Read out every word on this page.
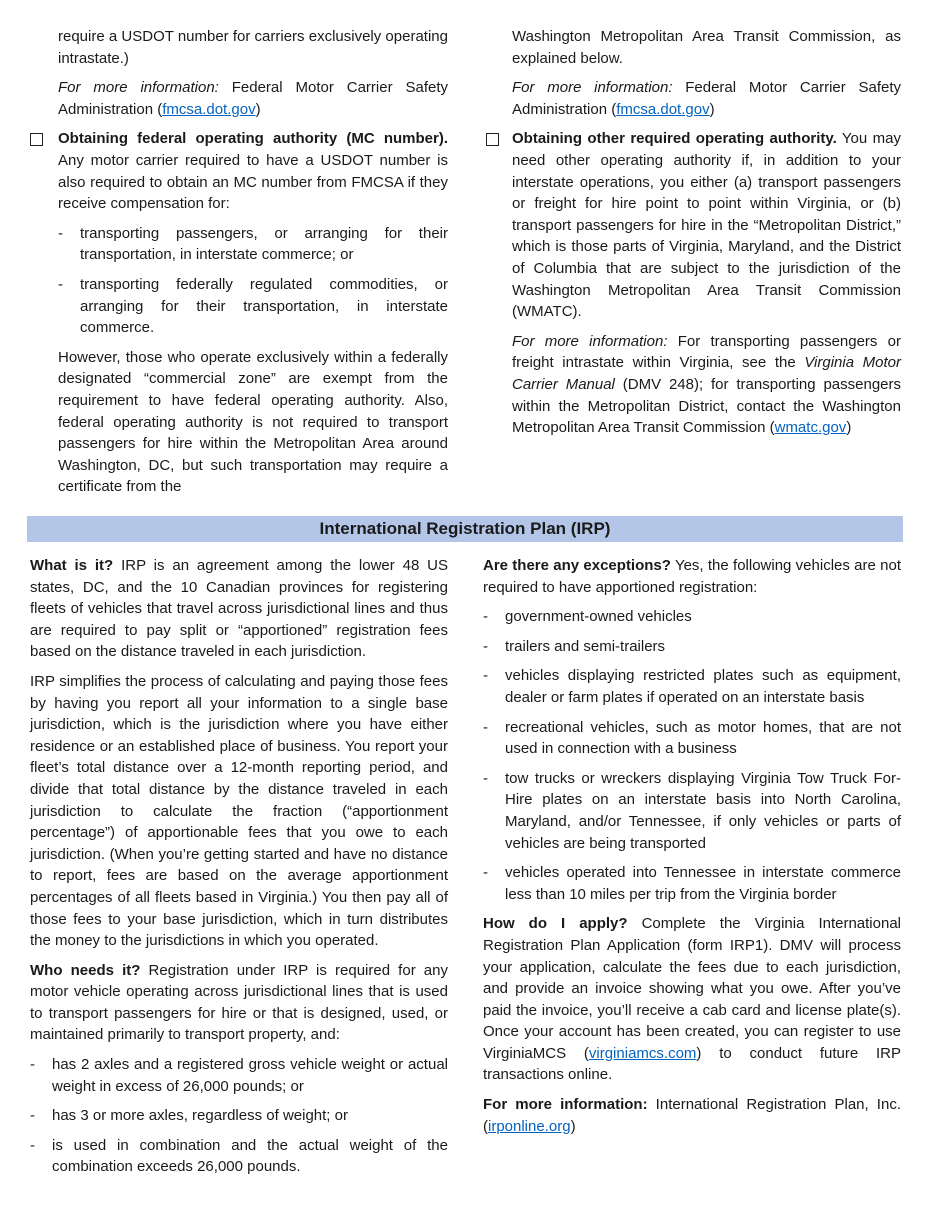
require a USDOT number for carriers exclusively operating intrastate.)

For more information: Federal Motor Carrier Safety Administration (fmcsa.dot.gov)

Obtaining federal operating authority (MC number). Any motor carrier required to have a USDOT number is also required to obtain an MC number from FMCSA if they receive compensation for:

-	transporting passengers, or arranging for their transportation, in interstate commerce; or
-	transporting federally regulated commodities, or arranging for their transportation, in interstate commerce.

However, those who operate exclusively within a federally designated “commercial zone” are exempt from the requirement to have federal operating authority. Also, federal operating authority is not required to transport passengers for hire within the Metropolitan Area around Washington, DC, but such transportation may require a certificate from the

Washington Metropolitan Area Transit Commission, as explained below.

For more information: Federal Motor Carrier Safety Administration (fmcsa.dot.gov)

Obtaining other required operating authority. You may need other operating authority if, in addition to your interstate operations, you either (a) transport passengers or freight for hire point to point within Virginia, or (b) transport passengers for hire in the “Metropolitan District,” which is those parts of Virginia, Maryland, and the District of Columbia that are subject to the jurisdiction of the Washington Metropolitan Area Transit Commission (WMATC).

For more information: For transporting passengers or freight intrastate within Virginia, see the Virginia Motor Carrier Manual (DMV 248); for transporting passengers within the Metropolitan District, contact the Washington Metropolitan Area Transit Commission (wmatc.gov)

International Registration Plan (IRP)

What is it? IRP is an agreement among the lower 48 US states, DC, and the 10 Canadian provinces for registering fleets of vehicles that travel across jurisdictional lines and thus are required to pay split or “apportioned” registration fees based on the distance traveled in each jurisdiction.

IRP simplifies the process of calculating and paying those fees by having you report all your information to a single base jurisdiction, which is the jurisdiction where you have either residence or an established place of business. You report your fleet’s total distance over a 12-month reporting period, and divide that total distance by the distance traveled in each jurisdiction to calculate the fraction (“apportionment percentage”) of apportionable fees that you owe to each jurisdiction. (When you’re getting started and have no distance to report, fees are based on the average apportionment percentages of all fleets based in Virginia.) You then pay all of those fees to your base jurisdiction, which in turn distributes the money to the jurisdictions in which you operated.

Who needs it? Registration under IRP is required for any motor vehicle operating across jurisdictional lines that is used to transport passengers for hire or that is designed, used, or maintained primarily to transport property, and:

-	has 2 axles and a registered gross vehicle weight or actual weight in excess of 26,000 pounds; or
-	has 3 or more axles, regardless of weight; or
-	is used in combination and the actual weight of the combination exceeds 26,000 pounds.

Are there any exceptions? Yes, the following vehicles are not required to have apportioned registration:

-	government-owned vehicles
-	trailers and semi-trailers
-	vehicles displaying restricted plates such as equipment, dealer or farm plates if operated on an interstate basis
-	recreational vehicles, such as motor homes, that are not used in connection with a business
-	tow trucks or wreckers displaying Virginia Tow Truck For-Hire plates on an interstate basis into North Carolina, Maryland, and/or Tennessee, if only vehicles or parts of vehicles are being transported
-	vehicles operated into Tennessee in interstate commerce less than 10 miles per trip from the Virginia border

How do I apply? Complete the Virginia International Registration Plan Application (form IRP1). DMV will process your application, calculate the fees due to each jurisdiction, and provide an invoice showing what you owe. After you’ve paid the invoice, you’ll receive a cab card and license plate(s). Once your account has been created, you can register to use VirginiaMCS (virginiamcs.com) to conduct future IRP transactions online.

For more information: International Registration Plan, Inc. (irponline.org)
